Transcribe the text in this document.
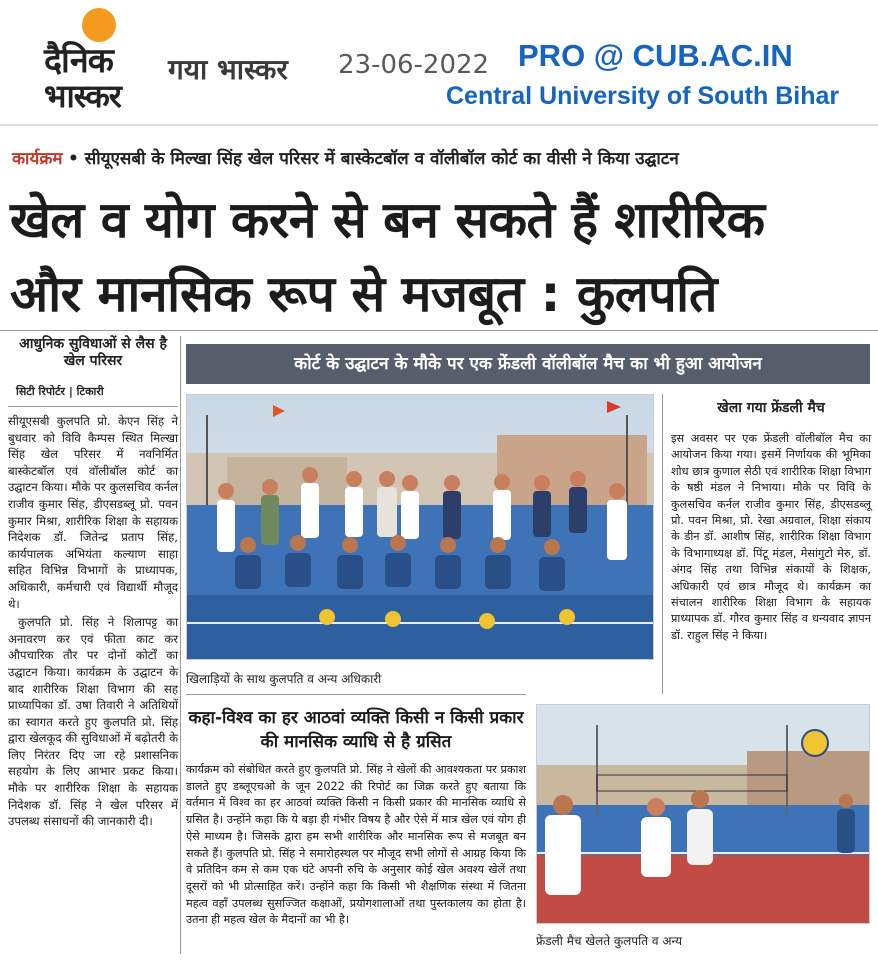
दैनिक
भास्कर
गया भास्कर 23-06-2022 PRO @ CUB.AC.IN
Central University of South Bihar
कार्यक्रम • सीयूएसबी के मिल्खा सिंह खेल परिसर में बास्केटबॉल व वॉलीबॉल कोर्ट का वीसी ने किया उद्घाटन
खेल व योग करने से बन सकते हैं शारीरिक
और मानसिक रूप से मजबूत : कुलपति
आधुनिक सुविधाओं से लैस है खेल परिसर
सिटी रिपोर्टर | टिकारी

सीयूएसबी कुलपति प्रो. केएन सिंह ने बुधवार को विवि कैम्पस स्थित मिल्खा सिंह खेल परिसर में नवनिर्मित बास्केटबॉल एवं वॉलीबॉल कोर्ट का उद्घाटन किया। मौके पर कुलसचिव कर्नल राजीव कुमार सिंह, डीएसडब्लू प्रो. पवन कुमार मिश्रा, शारीरिक शिक्षा के सहायक निदेशक डॉ. जितेन्द्र प्रताप सिंह, कार्यपालक अभियंता कल्याण साहा सहित विभिन्न विभागों के प्राध्यापक, अधिकारी, कर्मचारी एवं विद्यार्थी मौजूद थे।

कुलपति प्रो. सिंह ने शिलापट्ट का अनावरण कर एवं फीता काट कर औपचारिक तौर पर दोनों कोर्टों का उद्घाटन किया। कार्यक्रम के उद्घाटन के बाद शारीरिक शिक्षा विभाग की सह प्राध्यापिका डॉ. उषा तिवारी ने अतिथियों का स्वागत करते हुए कुलपति प्रो. सिंह द्वारा खेलकूद की सुविधाओं में बढ़ोतरी के लिए निरंतर दिए जा रहे प्रशासनिक सहयोग के लिए आभार प्रकट किया। मौके पर शारीरिक शिक्षा के सहायक निदेशक डॉ. सिंह ने खेल परिसर में उपलब्ध संसाधनों की जानकारी दी।

कोर्ट के उद्घाटन के मौके पर एक फ्रेंडली वॉलीबॉल मैच का भी हुआ आयोजन
खिलाड़ियों के साथ कुलपति व अन्य अधिकारी
खेला गया फ्रेंडली मैच
इस अवसर पर एक फ्रेंडली वॉलीबॉल मैच का आयोजन किया गया। इसमें निर्णायक की भूमिका शोध छात्र कुणाल सेठी एवं शारीरिक शिक्षा विभाग के षष्ठी मंडल ने निभाया। मौके पर विवि के कुलसचिव कर्नल राजीव कुमार सिंह, डीएसडब्लू प्रो. पवन मिश्रा, प्रो. रेखा अग्रवाल, शिक्षा संकाय के डीन डॉ. आशीष सिंह, शारीरिक शिक्षा विभाग के विभागाध्यक्ष डॉ. पिंटू मंडल, मेसांगुटो मेरु, डॉ. अंगद सिंह तथा विभिन्न संकायों के शिक्षक, अधिकारी एवं छात्र मौजूद थे। कार्यक्रम का संचालन शारीरिक शिक्षा विभाग के सहायक प्राध्यापक डॉ. गौरव कुमार सिंह व धन्यवाद ज्ञापन डॉ. राहुल सिंह ने किया।
कहा-विश्व का हर आठवां व्यक्ति किसी न किसी प्रकार की मानसिक व्याधि से है ग्रसित
कार्यक्रम को संबोधित करते हुए कुलपति प्रो. सिंह ने खेलों की आवश्यकता पर प्रकाश डालते हुए डब्लूएचओ के जून 2022 की रिपोर्ट का जिक्र करते हुए बताया कि वर्तमान में विश्व का हर आठवां व्यक्ति किसी न किसी प्रकार की मानसिक व्याधि से ग्रसित है। उन्होंने कहा कि ये बड़ा ही गंभीर विषय है और ऐसे में मात्र खेल एवं योग ही ऐसे माध्यम है। जिसके द्वारा हम सभी शारीरिक और मानसिक रूप से मजबूत बन सकते हैं। कुलपति प्रो. सिंह ने समारोहस्थल पर मौजूद सभी लोगों से आग्रह किया कि वे प्रतिदिन कम से कम एक घंटे अपनी रुचि के अनुसार कोई खेल अवश्य खेलें तथा दूसरों को भी प्रोत्साहित करें। उन्होंने कहा कि किसी भी शैक्षणिक संस्था में जितना महत्व वहाँ उपलब्ध सुसज्जित कक्षाओं, प्रयोगशालाओं तथा पुस्तकालय का होता है। उतना ही महत्व खेल के मैदानों का भी है।
फ्रेंडली मैच खेलते कुलपति व अन्य
